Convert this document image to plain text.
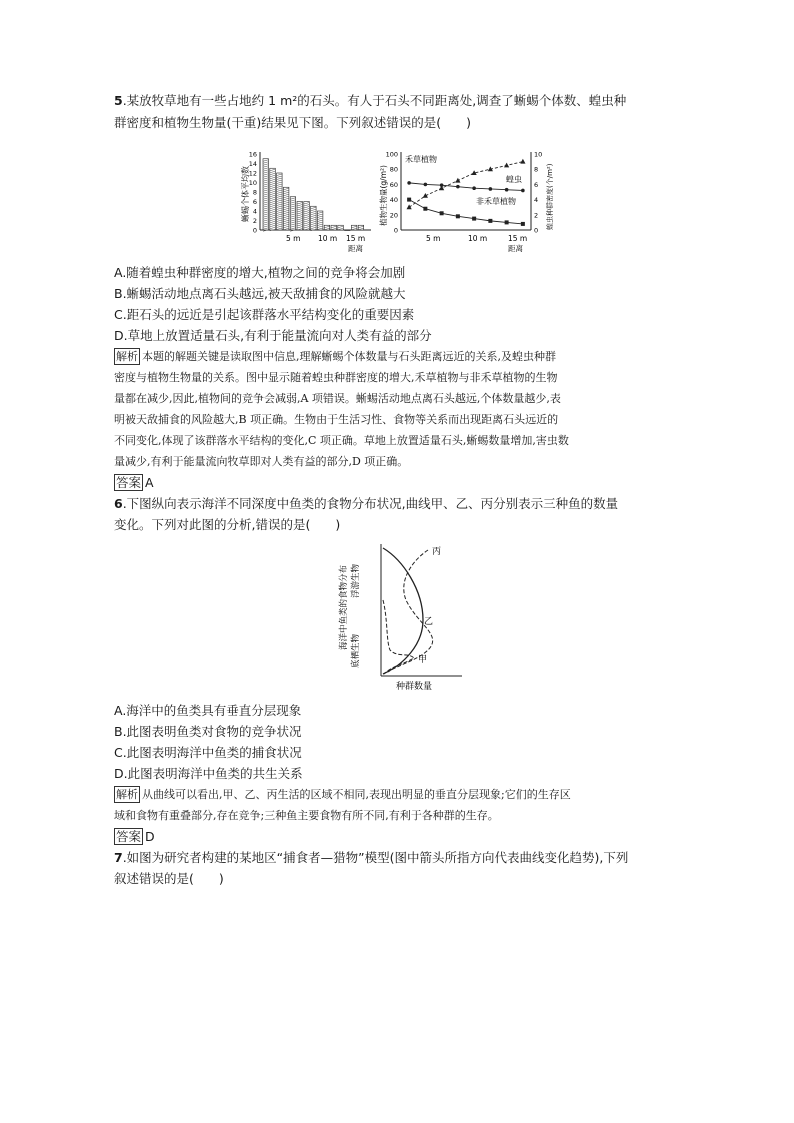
5.某放牧草地有一些占地约 1 m²的石头。有人于石头不同距离处,调查了蜥蜴个体数、蝗虫种
群密度和植物生物量(干重)结果见下图。下列叙述错误的是(　　)
蜥蜴个体平均数
0
2
4
6
8
10
12
14
16
5 m 10 m 15 m
距离
植物生物量(g/m²)
0
20
40
60
80
100
0
2
4
6
8
10
蝗虫种群密度(个/m²)
禾草植物
非禾草植物
蝗虫
5 m	10 m	15 m
距离
A.随着蝗虫种群密度的增大,植物之间的竞争将会加剧
B.蜥蜴活动地点离石头越远,被天敌捕食的风险就越大
C.距石头的远近是引起该群落水平结构变化的重要因素
D.草地上放置适量石头,有利于能量流向对人类有益的部分
解析 本题的解题关键是读取图中信息,理解蜥蜴个体数量与石头距离远近的关系,及蝗虫种群
密度与植物生物量的关系。图中显示随着蝗虫种群密度的增大,禾草植物与非禾草植物的生物
量都在减少,因此,植物间的竞争会减弱,A 项错误。蜥蜴活动地点离石头越远,个体数量越少,表
明被天敌捕食的风险越大,B 项正确。生物由于生活习性、食物等关系而出现距离石头远近的
不同变化,体现了该群落水平结构的变化,C 项正确。草地上放置适量石头,蜥蜴数量增加,害虫数
量减少,有利于能量流向牧草即对人类有益的部分,D 项正确。
答案 A
6.下图纵向表示海洋不同深度中鱼类的食物分布状况,曲线甲、乙、丙分别表示三种鱼的数量
变化。下列对此图的分析,错误的是(　　)
海洋中鱼类的食物分布 浮游生物
底栖生物
丙
乙
甲
种群数量
A.海洋中的鱼类具有垂直分层现象
B.此图表明鱼类对食物的竞争状况
C.此图表明海洋中鱼类的捕食状况
D.此图表明海洋中鱼类的共生关系
解析 从曲线可以看出,甲、乙、丙生活的区域不相同,表现出明显的垂直分层现象;它们的生存区
域和食物有重叠部分,存在竞争;三种鱼主要食物有所不同,有利于各种群的生存。
答案 D
7.如图为研究者构建的某地区“捕食者—猎物”模型(图中箭头所指方向代表曲线变化趋势),下列
叙述错误的是(　　)
